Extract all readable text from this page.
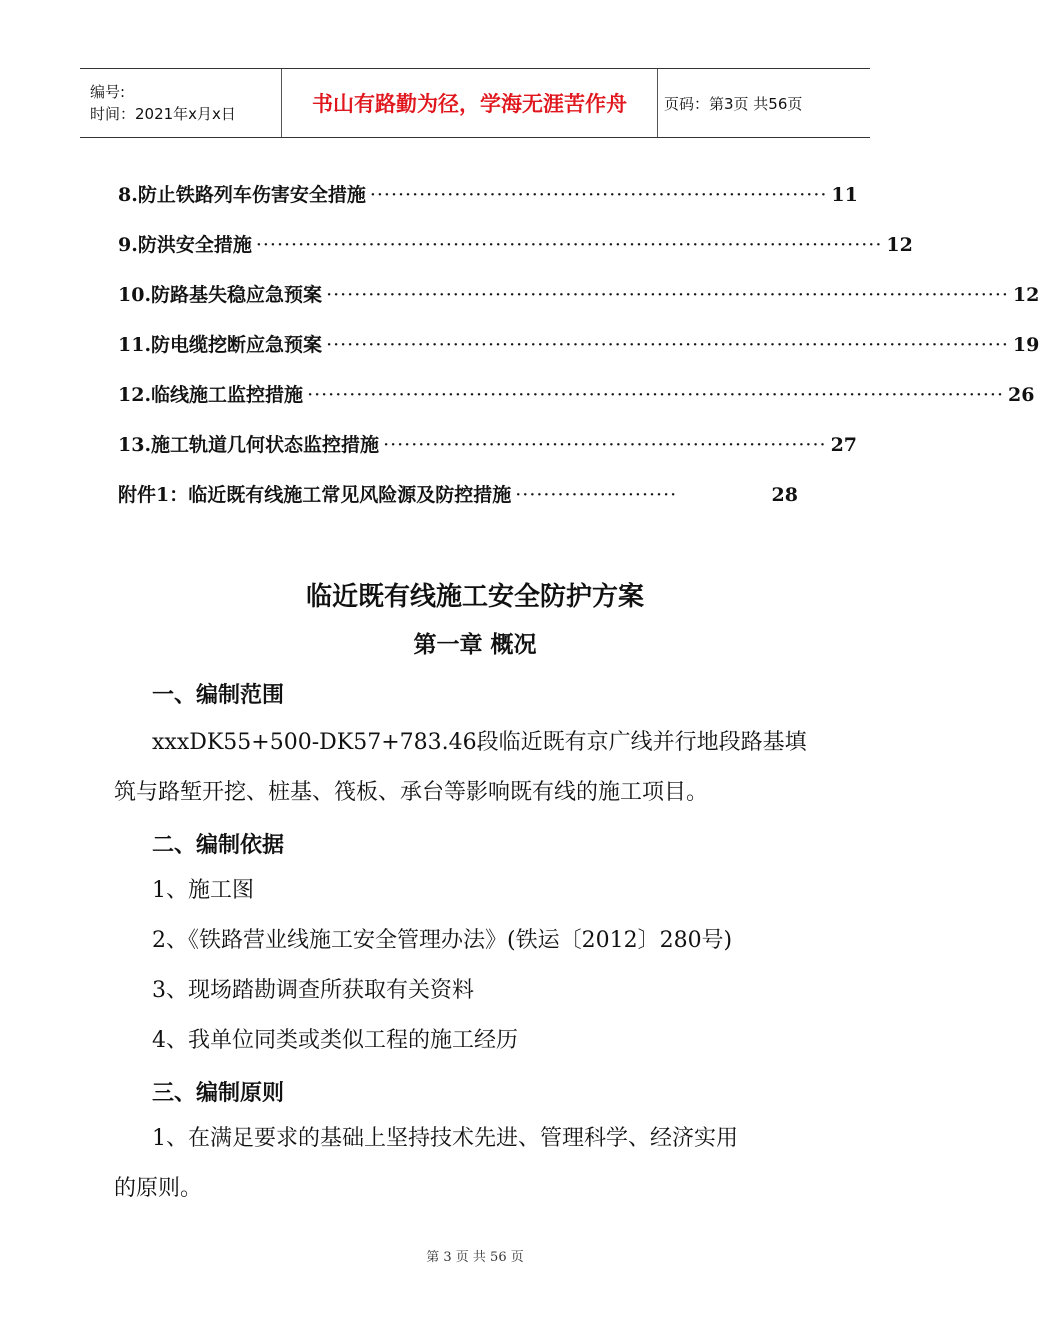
编号:
时间：2021年x月x日	书山有路勤为径，学海无涯苦作舟 页码：第3页 共56页
8.防止铁路列车伤害安全措施 ································································· 11
9.防洪安全措施 ························································································· 12
10.防路基失稳应急预案 ································································································· 12
11.防电缆挖断应急预案 ································································································· 19
12.临线施工监控措施 ··································································································· 26
13.施工轨道几何状态监控措施 ······························································· 27
附件1：临近既有线施工常见风险源及防控措施 ·······················	28
临近既有线施工安全防护方案
第一章 概况
一、编制范围
xxxDK55+500-DK57+783.46段临近既有京广线并行地段路基填
筑与路堑开挖、桩基、筏板、承台等影响既有线的施工项目。
二、编制依据
1、施工图
2、《铁路营业线施工安全管理办法》(铁运〔2012〕280号)
3、现场踏勘调查所获取有关资料
4、我单位同类或类似工程的施工经历
三、编制原则
1、在满足要求的基础上坚持技术先进、管理科学、经济实用
的原则。
第 3 页 共 56 页
